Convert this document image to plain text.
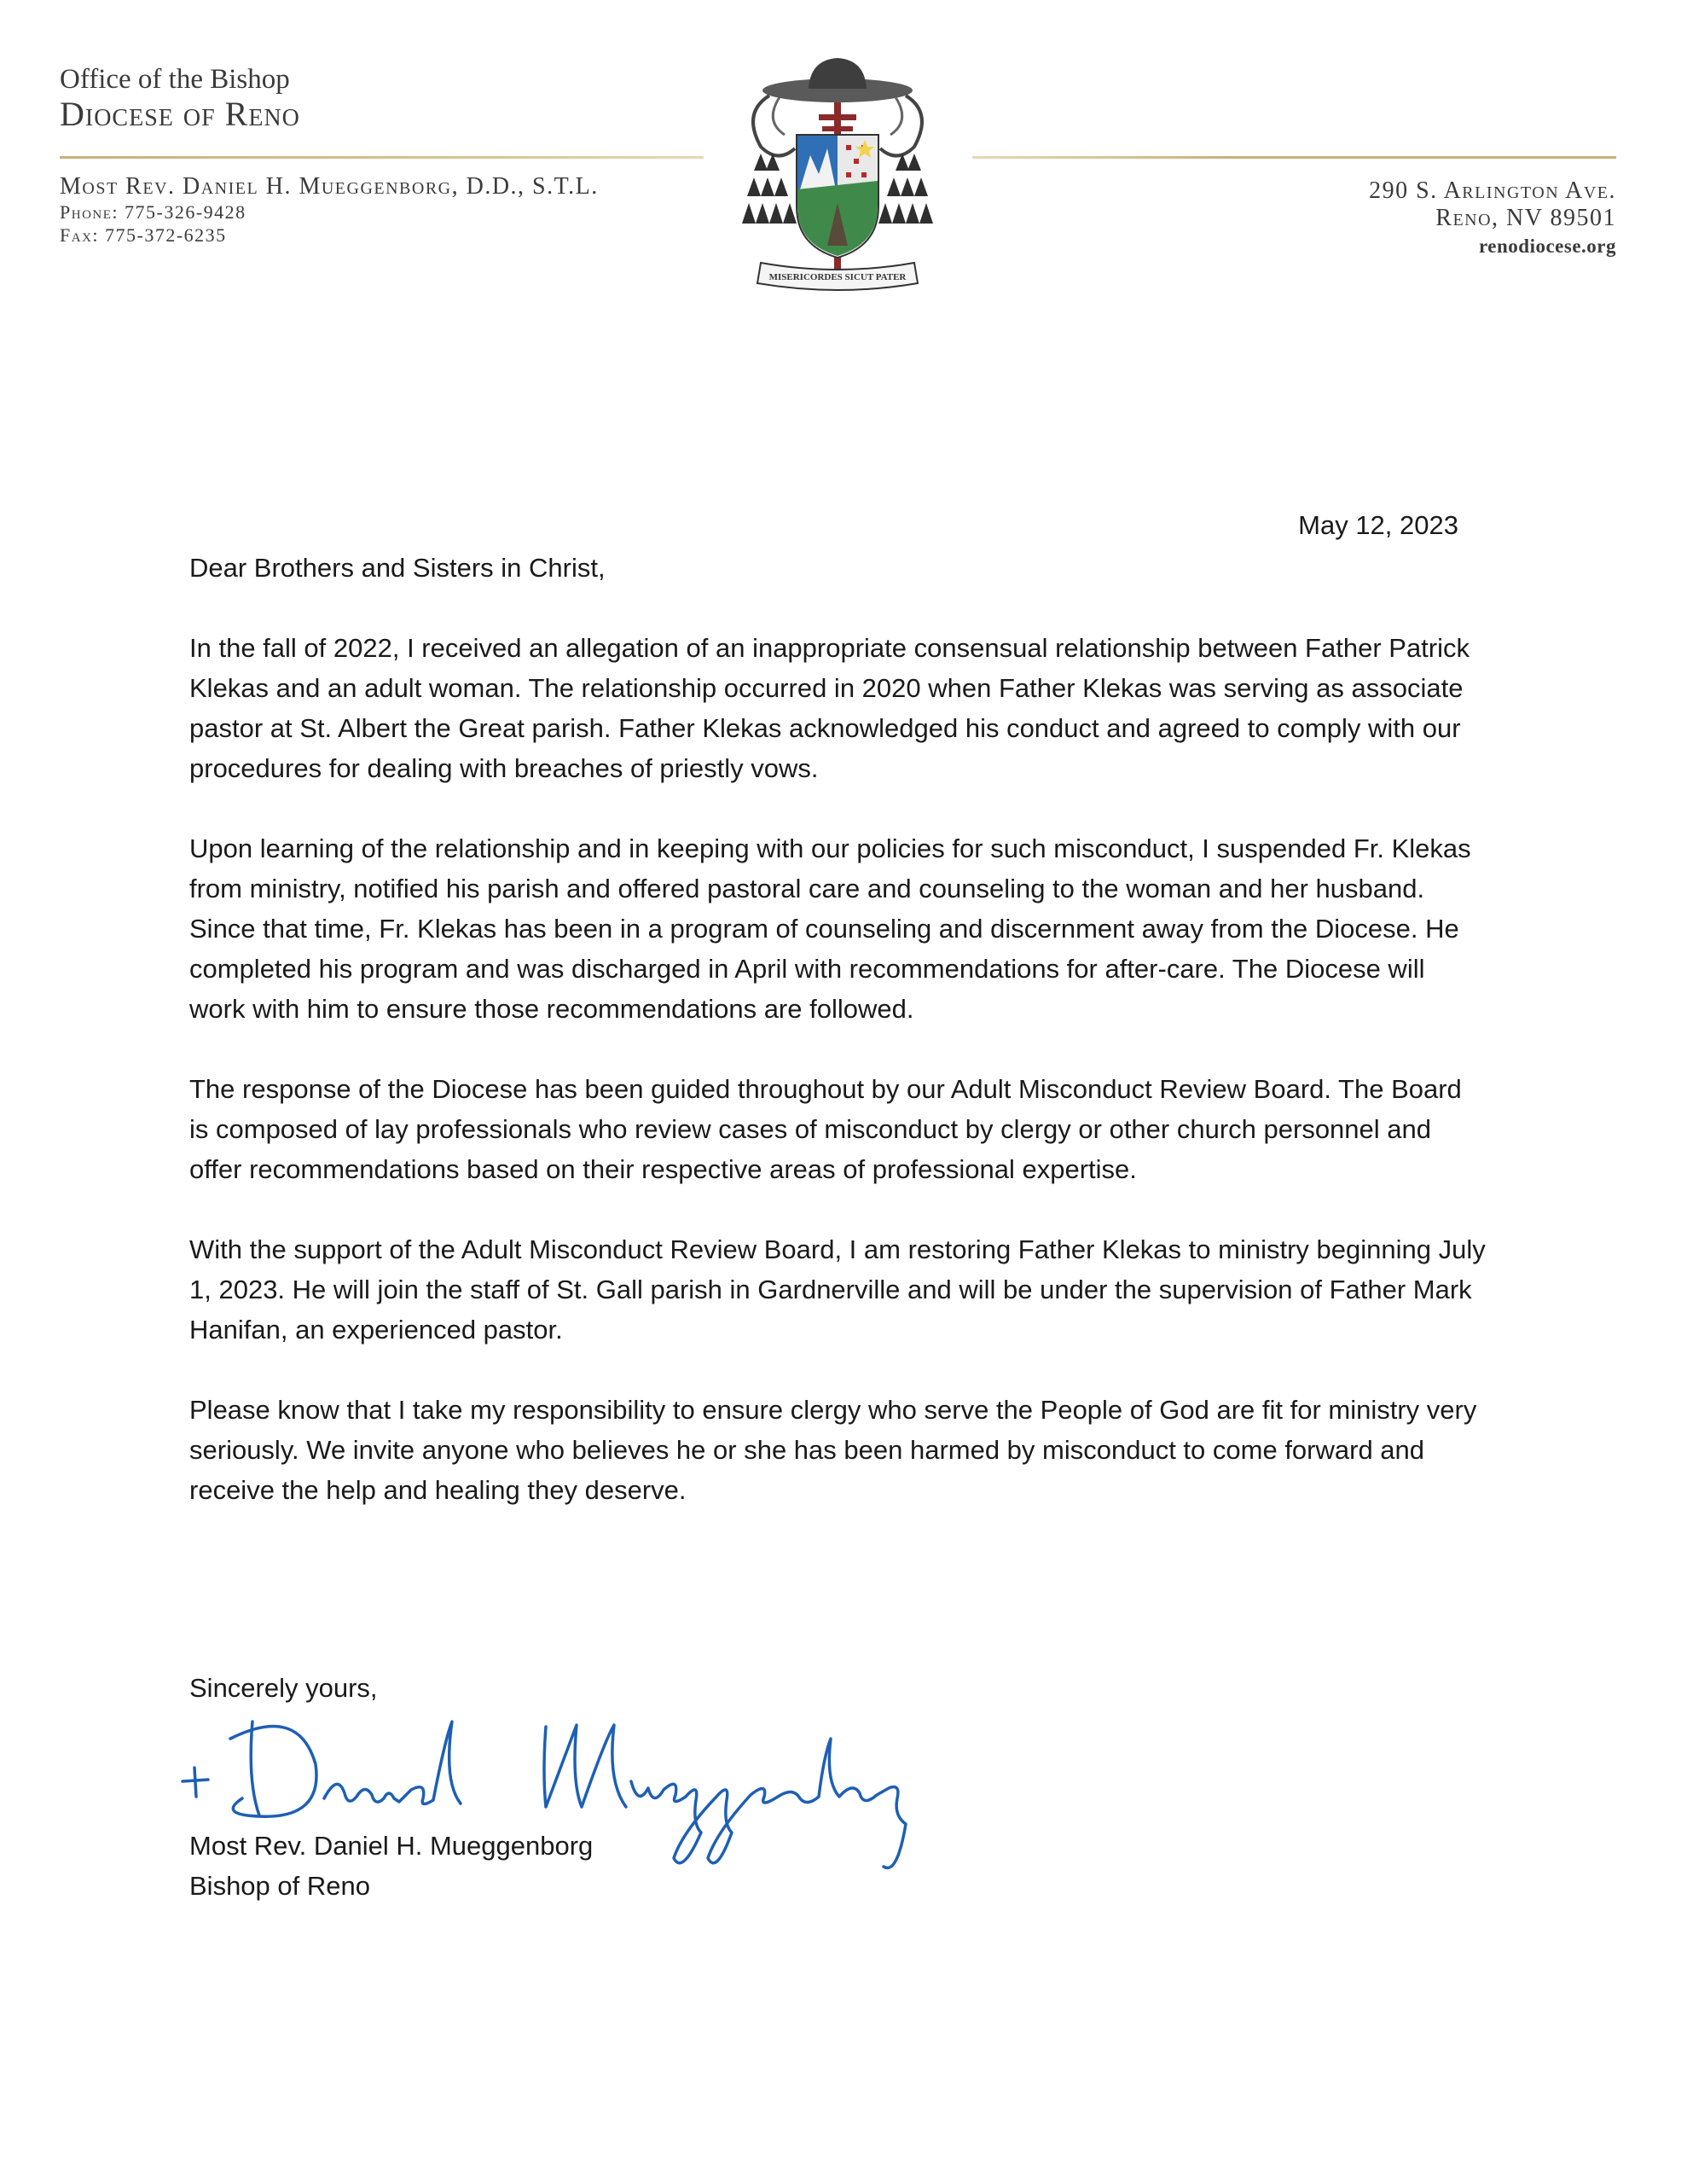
Office of the Bishop
Diocese of Reno
Most Rev. Daniel H. Mueggenborg, D.D., S.T.L.
Phone: 775-326-9428
Fax: 775-372-6235
290 S. Arlington Ave.
Reno, NV 89501
renodiocese.org
MISERICORDES SICUT PATER
May 12, 2023
Dear Brothers and Sisters in Christ,

In the fall of 2022, I received an allegation of an inappropriate consensual relationship between Father Patrick Klekas and an adult woman. The relationship occurred in 2020 when Father Klekas was serving as associate pastor at St. Albert the Great parish. Father Klekas acknowledged his conduct and agreed to comply with our procedures for dealing with breaches of priestly vows.

Upon learning of the relationship and in keeping with our policies for such misconduct, I suspended Fr. Klekas from ministry, notified his parish and offered pastoral care and counseling to the woman and her husband. Since that time, Fr. Klekas has been in a program of counseling and discernment away from the Diocese. He completed his program and was discharged in April with recommendations for after-care. The Diocese will work with him to ensure those recommendations are followed.

The response of the Diocese has been guided throughout by our Adult Misconduct Review Board. The Board is composed of lay professionals who review cases of misconduct by clergy or other church personnel and offer recommendations based on their respective areas of professional expertise.

With the support of the Adult Misconduct Review Board, I am restoring Father Klekas to ministry beginning July 1, 2023. He will join the staff of St. Gall parish in Gardnerville and will be under the supervision of Father Mark Hanifan, an experienced pastor.

Please know that I take my responsibility to ensure clergy who serve the People of God are fit for ministry very seriously. We invite anyone who believes he or she has been harmed by misconduct to come forward and receive the help and healing they deserve.

Sincerely yours,
Most Rev. Daniel H. Mueggenborg
Bishop of Reno
